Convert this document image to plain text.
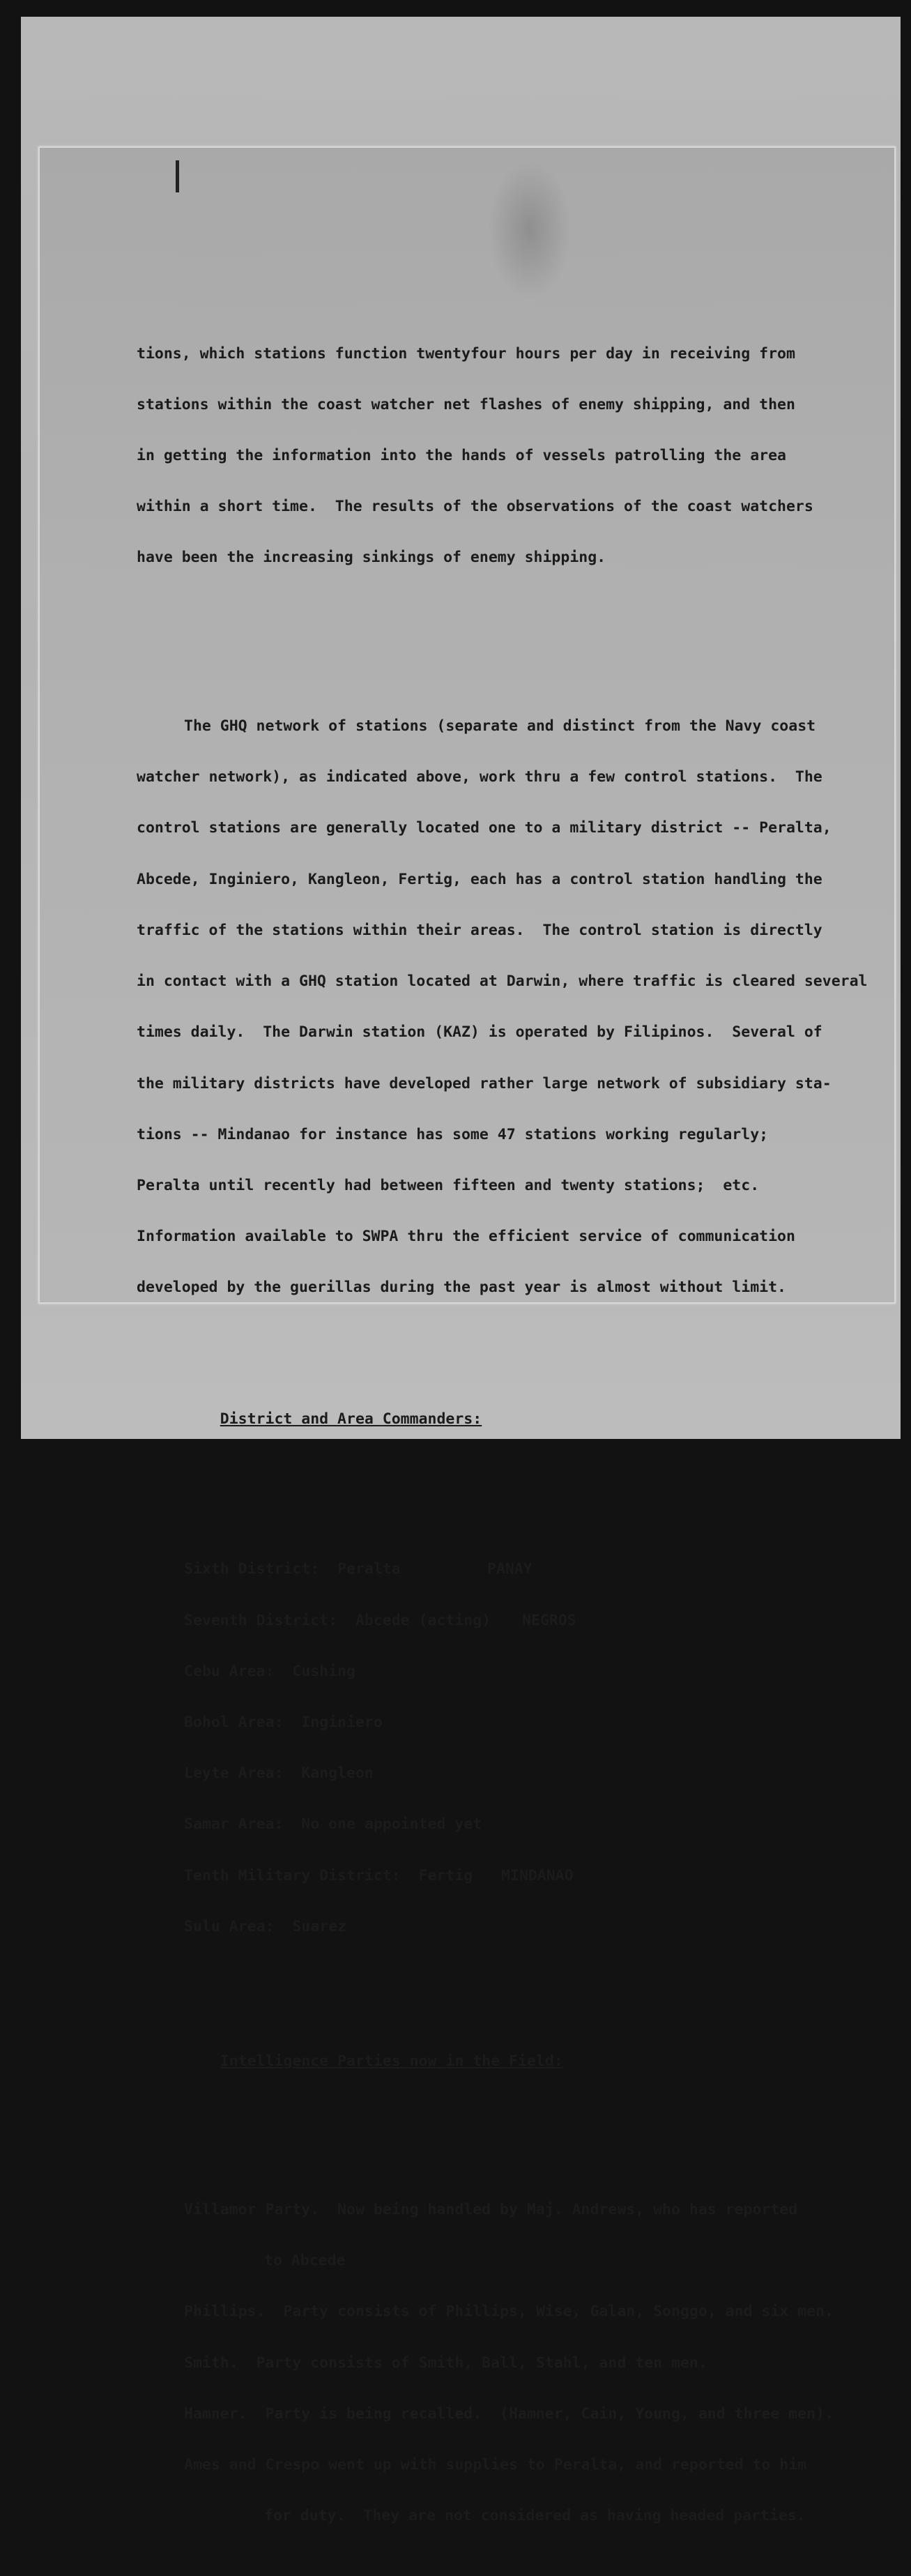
tions, which stations function twentyfour hours per day in receiving from

stations within the coast watcher net flashes of enemy shipping, and then

in getting the information into the hands of vessels patrolling the area

within a short time.  The results of the observations of the coast watchers

have been the increasing sinkings of enemy shipping.

The GHQ network of stations (separate and distinct from the Navy coast

watcher network), as indicated above, work thru a few control stations.  The

control stations are generally located one to a military district -- Peralta,

Abcede, Inginiero, Kangleon, Fertig, each has a control station handling the

traffic of the stations within their areas.  The control station is directly

in contact with a GHQ station located at Darwin, where traffic is cleared several

times daily.  The Darwin station (KAZ) is operated by Filipinos.  Several of

the military districts have developed rather large network of subsidiary sta-

tions -- Mindanao for instance has some 47 stations working regularly;

Peralta until recently had between fifteen and twenty stations;  etc.

Information available to SWPA thru the efficient service of communication

developed by the guerillas during the past year is almost without limit.

District and Area Commanders:

Sixth District:  Peralta	PANAY

Seventh District:  Abcede (acting)	NEGROS

Cebu Area:  Cushing

Bohol Area:  Inginiero

Leyte Area:  Kangleon

Samar Area:  No one appointed yet

Tenth Military District:  Fertig	MINDANAO

Sulu Area:  Suarez

Intelligence Parties now in the Field:

Villamor Party.  Now being handled by Maj. Andrews, who has reported

to Abcede

Phillips.  Party consists of Phillips, Wise, Galan, Songgo, and six men.

Smith.  Party consists of Smith, Ball, Stahl, and ten men.

Hamner.  Party is being recalled.  (Hamner, Cain, Young, and three men).

Ames and Crespo went up with supplies to Peralta, and reported to him

for duty.  They are not considered as having headed parties.
